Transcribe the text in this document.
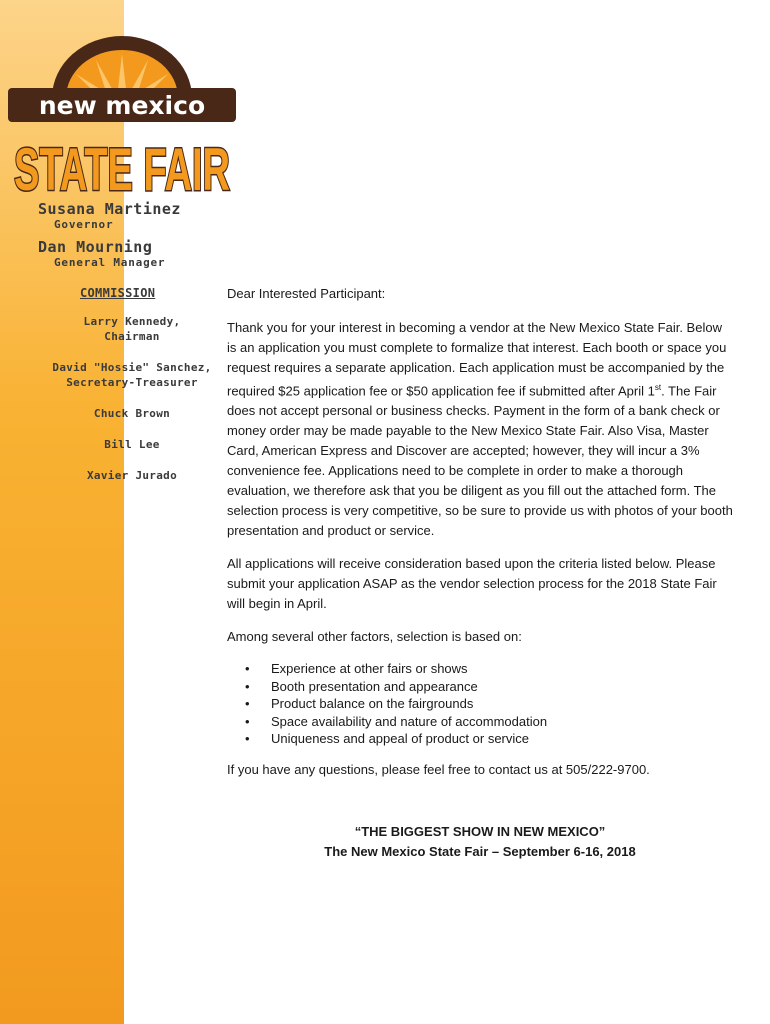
new mexico
STATE FAIR
Susana Martinez
Governor
Dan Mourning
General Manager
COMMISSION
Larry Kennedy,
Chairman
David "Hossie" Sanchez,
Secretary-Treasurer
Chuck Brown
Bill Lee
Xavier Jurado

Dear Interested Participant:

Thank you for your interest in becoming a vendor at the New Mexico State Fair. Below is an application you must complete to formalize that interest. Each booth or space you request requires a separate application. Each application must be accompanied by the required $25 application fee or $50 application fee if submitted after April 1st. The Fair does not accept personal or business checks. Payment in the form of a bank check or money order may be made payable to the New Mexico State Fair. Also Visa, Master Card, American Express and Discover are accepted; however, they will incur a 3% convenience fee. Applications need to be complete in order to make a thorough evaluation, we therefore ask that you be diligent as you fill out the attached form. The selection process is very competitive, so be sure to provide us with photos of your booth presentation and product or service.

All applications will receive consideration based upon the criteria listed below. Please submit your application ASAP as the vendor selection process for the 2018 State Fair will begin in April.

Among several other factors, selection is based on:

• Experience at other fairs or shows
• Booth presentation and appearance
• Product balance on the fairgrounds
• Space availability and nature of accommodation
• Uniqueness and appeal of product or service

If you have any questions, please feel free to contact us at 505/222-9700.

“THE BIGGEST SHOW IN NEW MEXICO”
The New Mexico State Fair – September 6-16, 2018
